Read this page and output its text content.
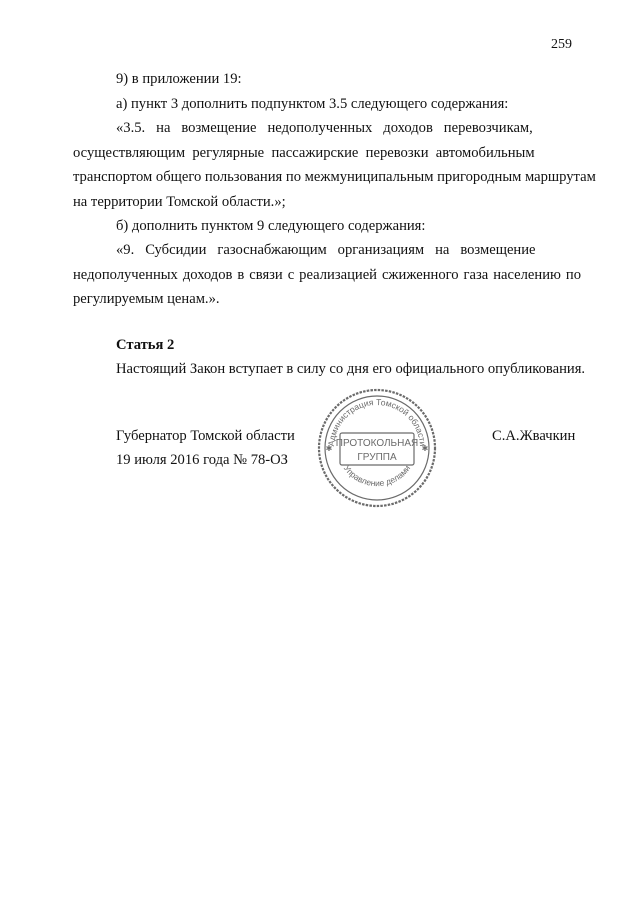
259

9) в приложении 19:

а) пункт 3 дополнить подпунктом 3.5 следующего содержания:

«3.5.   на   возмещение   недополученных   доходов   перевозчикам,
осуществляющим  регулярные  пассажирские  перевозки  автомобильным
транспортом общего пользования по межмуниципальным пригородным маршрутам
на территории Томской области.»;

б) дополнить пунктом 9 следующего содержания:

«9.   Субсидии   газоснабжающим   организациям   на   возмещение
недополученных доходов в связи с реализацией сжиженного газа населению по
регулируемым ценам.».

Статья 2

Настоящий Закон вступает в силу со дня его официального опубликования.

Губернатор Томской области
19 июля 2016 года № 78-ОЗ
С.А.Жвачкин
Администрация Томской области
Управление делами
ПРОТОКОЛЬНАЯ
ГРУППА
✱	✱
